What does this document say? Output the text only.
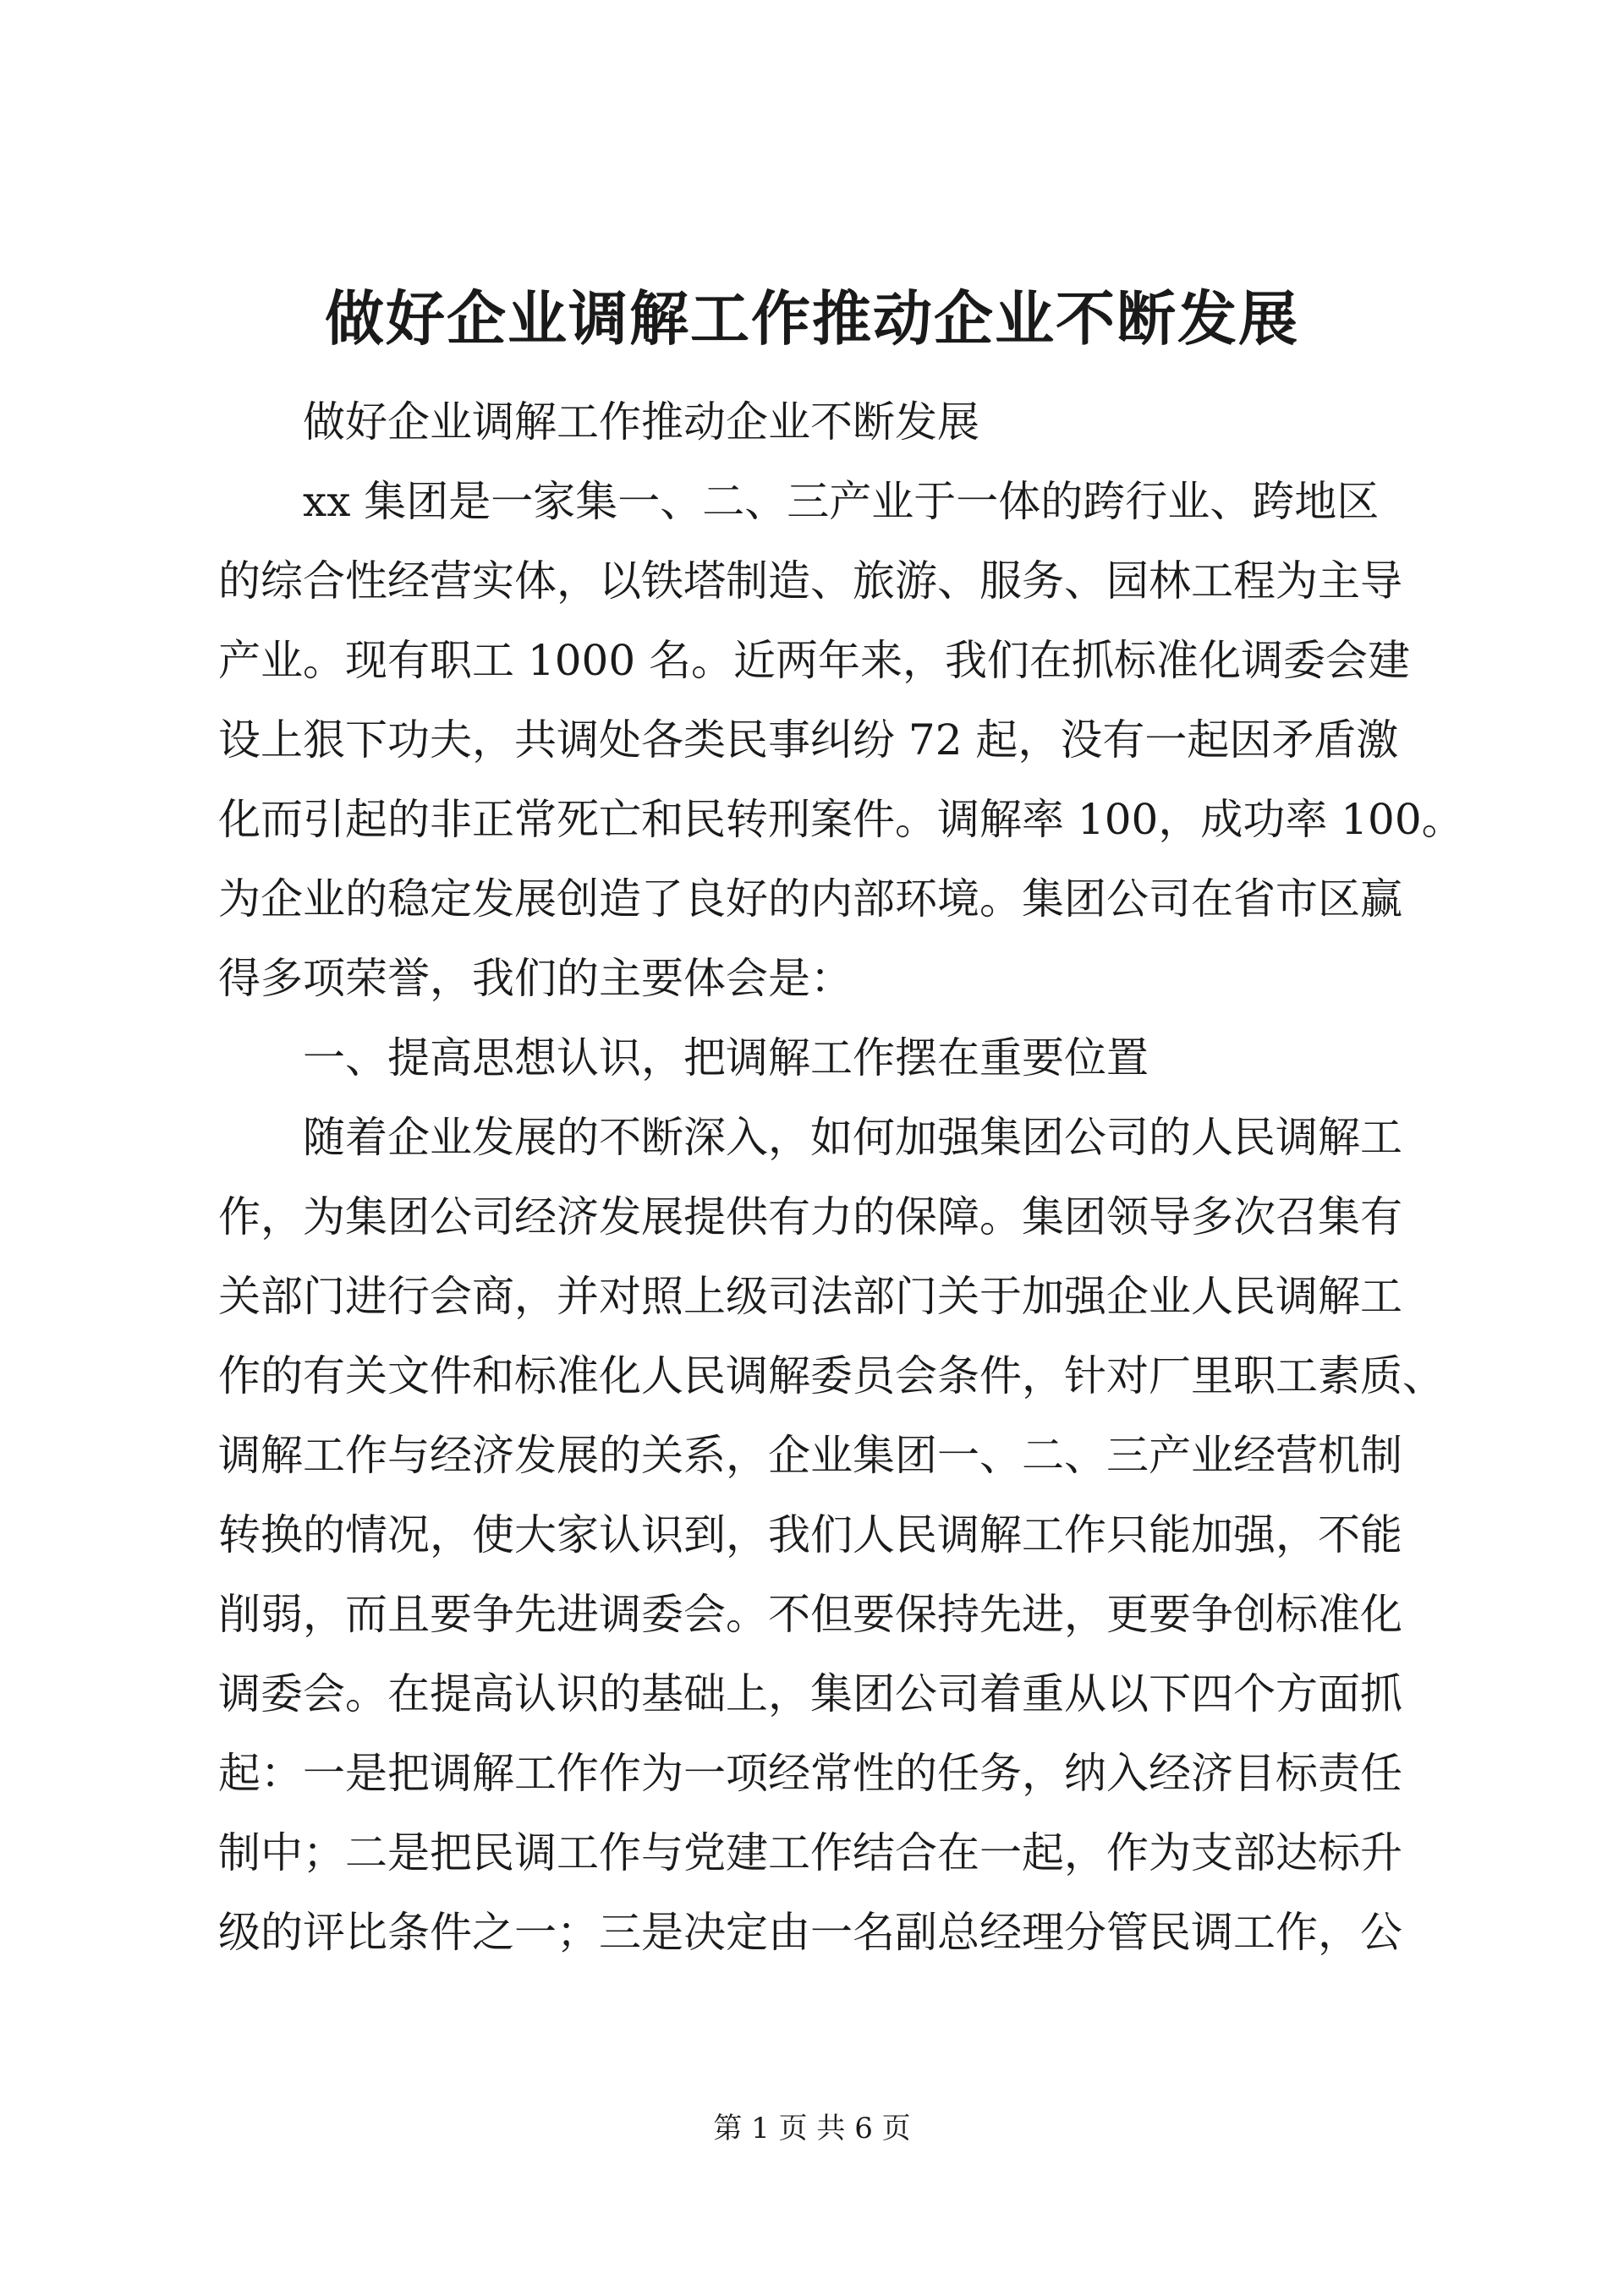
做好企业调解工作推动企业不断发展
做好企业调解工作推动企业不断发展
xx 集团是一家集一、二、三产业于一体的跨行业、跨地区
的综合性经营实体，以铁塔制造、旅游、服务、园林工程为主导
产业。现有职工 1000 名。近两年来，我们在抓标准化调委会建
设上狠下功夫，共调处各类民事纠纷 72 起，没有一起因矛盾激
化而引起的非正常死亡和民转刑案件。调解率 100，成功率 100。
为企业的稳定发展创造了良好的内部环境。集团公司在省市区赢
得多项荣誉，我们的主要体会是：
一、提高思想认识，把调解工作摆在重要位置
随着企业发展的不断深入，如何加强集团公司的人民调解工
作，为集团公司经济发展提供有力的保障。集团领导多次召集有
关部门进行会商，并对照上级司法部门关于加强企业人民调解工
作的有关文件和标准化人民调解委员会条件，针对厂里职工素质、
调解工作与经济发展的关系，企业集团一、二、三产业经营机制
转换的情况，使大家认识到，我们人民调解工作只能加强，不能
削弱，而且要争先进调委会。不但要保持先进，更要争创标准化
调委会。在提高认识的基础上，集团公司着重从以下四个方面抓
起：一是把调解工作作为一项经常性的任务，纳入经济目标责任
制中；二是把民调工作与党建工作结合在一起，作为支部达标升
级的评比条件之一；三是决定由一名副总经理分管民调工作，公
第 1 页 共 6 页
